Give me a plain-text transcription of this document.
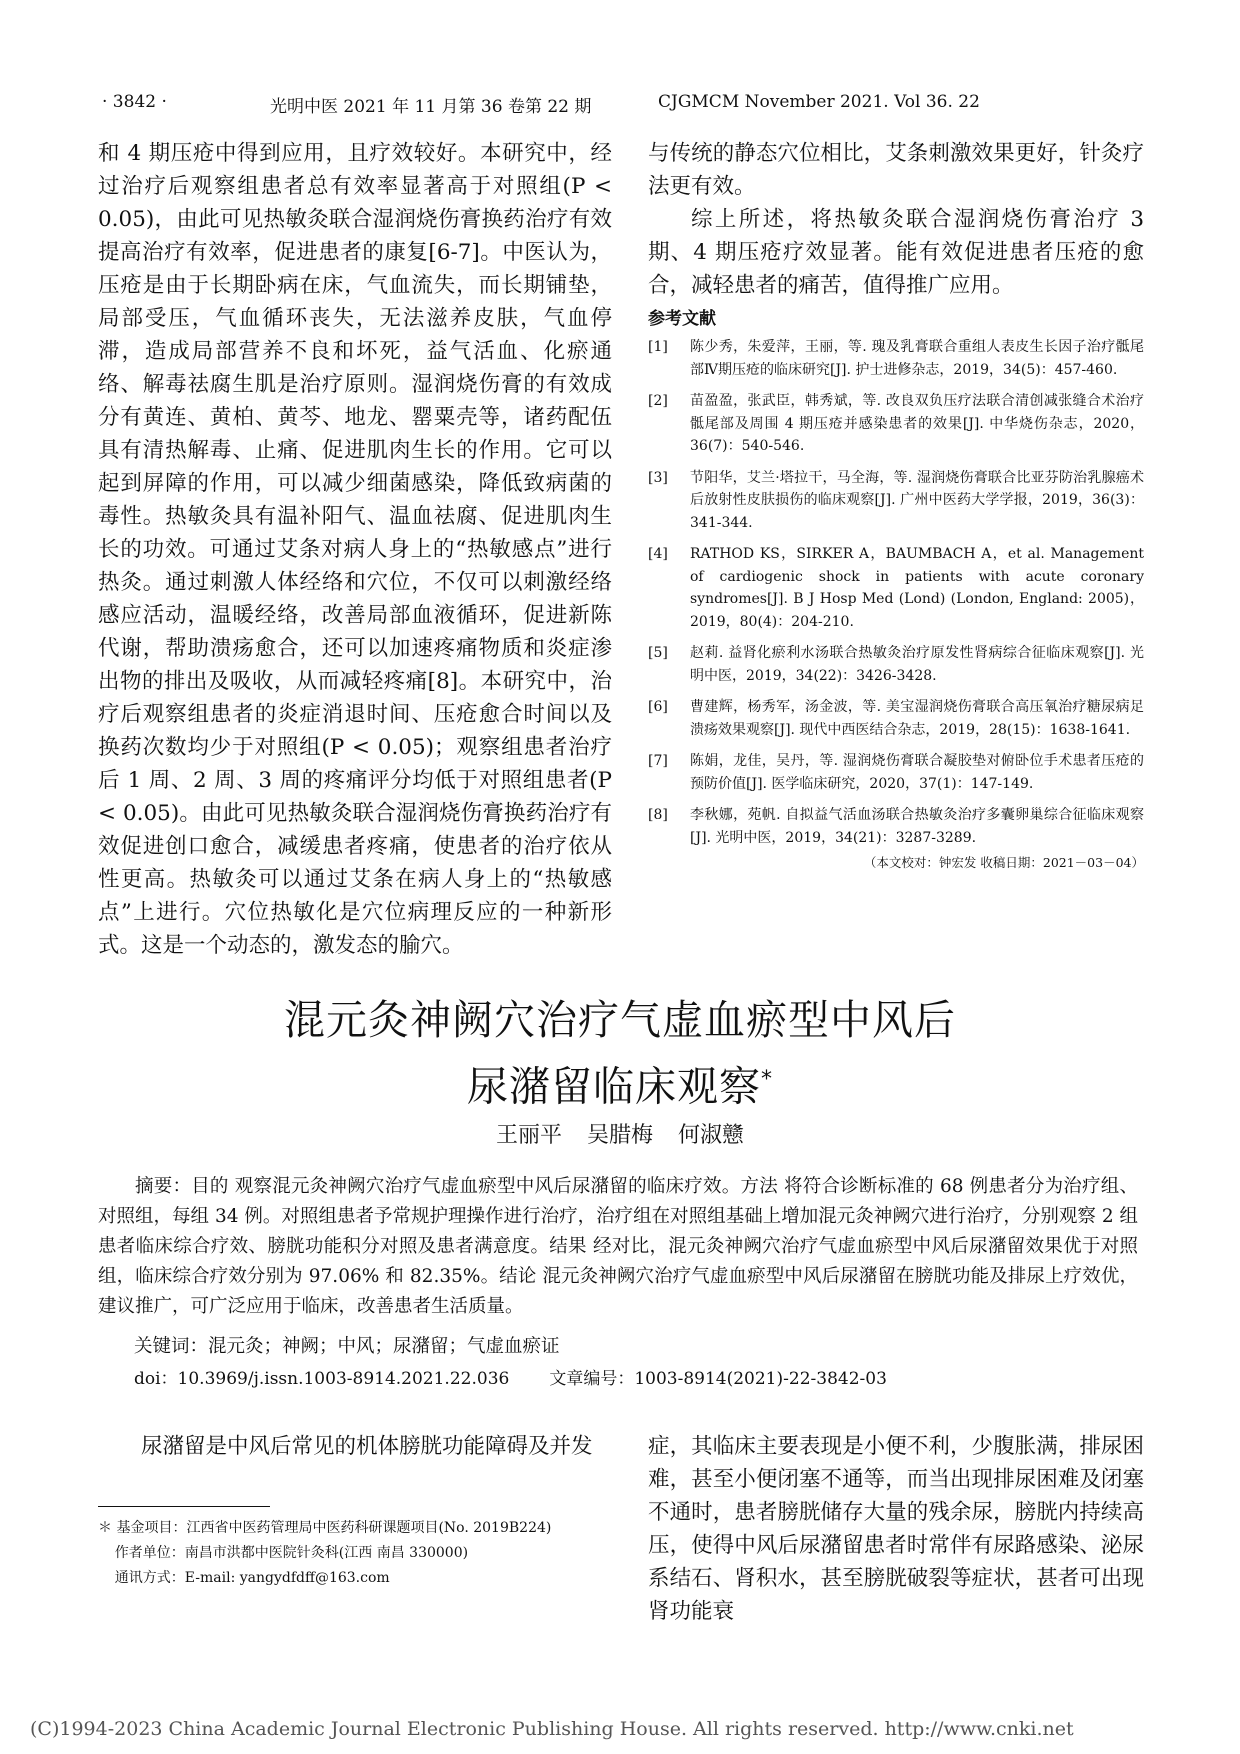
· 3842 ·	光明中医 2021 年 11 月第 36 卷第 22 期	CJGMCM November 2021. Vol 36. 22

和 4 期压疮中得到应用，且疗效较好。本研究中，经过治疗后观察组患者总有效率显著高于对照组(P < 0.05)，由此可见热敏灸联合湿润烧伤膏换药治疗有效提高治疗有效率，促进患者的康复[6-7]。中医认为，压疮是由于长期卧病在床，气血流失，而长期铺垫，局部受压，气血循环丧失，无法滋养皮肤，气血停滞，造成局部营养不良和坏死，益气活血、化瘀通络、解毒祛腐生肌是治疗原则。湿润烧伤膏的有效成分有黄连、黄柏、黄芩、地龙、罂粟壳等，诸药配伍具有清热解毒、止痛、促进肌肉生长的作用。它可以起到屏障的作用，可以减少细菌感染，降低致病菌的毒性。热敏灸具有温补阳气、温血祛腐、促进肌肉生长的功效。可通过艾条对病人身上的“热敏感点”进行热灸。通过刺激人体经络和穴位，不仅可以刺激经络感应活动，温暖经络，改善局部血液循环，促进新陈代谢，帮助溃疡愈合，还可以加速疼痛物质和炎症渗出物的排出及吸收，从而减轻疼痛[8]。本研究中，治疗后观察组患者的炎症消退时间、压疮愈合时间以及换药次数均少于对照组(P < 0.05)；观察组患者治疗后 1 周、2 周、3 周的疼痛评分均低于对照组患者(P < 0.05)。由此可见热敏灸联合湿润烧伤膏换药治疗有效促进创口愈合，减缓患者疼痛，使患者的治疗依从性更高。热敏灸可以通过艾条在病人身上的“热敏感点”上进行。穴位热敏化是穴位病理反应的一种新形式。这是一个动态的，激发态的腧穴。

与传统的静态穴位相比，艾条刺激效果更好，针灸疗法更有效。

综上所述，将热敏灸联合湿润烧伤膏治疗 3 期、4 期压疮疗效显著。能有效促进患者压疮的愈合，减轻患者的痛苦，值得推广应用。

参考文献
[1] 陈少秀，朱爱萍，王丽，等. 瑰及乳膏联合重组人表皮生长因子治疗骶尾部Ⅳ期压疮的临床研究[J]. 护士进修杂志，2019，34(5)：457-460.
[2] 苗盈盈，张武臣，韩秀斌，等. 改良双负压疗法联合清创减张缝合术治疗骶尾部及周围 4 期压疮并感染患者的效果[J]. 中华烧伤杂志，2020，36(7)：540-546.
[3] 节阳华，艾兰·塔拉干，马全海，等. 湿润烧伤膏联合比亚芬防治乳腺癌术后放射性皮肤损伤的临床观察[J]. 广州中医药大学学报，2019，36(3)：341-344.
[4] RATHOD KS，SIRKER A，BAUMBACH A，et al. Management of cardiogenic shock in patients with acute coronary syndromes[J]. B J Hosp Med (Lond) (London, England: 2005)，2019，80(4)：204-210.
[5] 赵莉. 益肾化瘀利水汤联合热敏灸治疗原发性肾病综合征临床观察[J]. 光明中医，2019，34(22)：3426-3428.
[6] 曹建辉，杨秀军，汤金波，等. 美宝湿润烧伤膏联合高压氧治疗糖尿病足溃疡效果观察[J]. 现代中西医结合杂志，2019，28(15)：1638-1641.
[7] 陈娟，龙佳，吴丹，等. 湿润烧伤膏联合凝胶垫对俯卧位手术患者压疮的预防价值[J]. 医学临床研究，2020，37(1)：147-149.
[8] 李秋娜，苑帆. 自拟益气活血汤联合热敏灸治疗多囊卵巢综合征临床观察[J]. 光明中医，2019，34(21)：3287-3289.
（本文校对：钟宏发 收稿日期：2021－03－04）
混元灸神阙穴治疗气虚血瘀型中风后
尿潴留临床观察*
王丽平 吴腊梅 何淑戆
摘要：目的 观察混元灸神阙穴治疗气虚血瘀型中风后尿潴留的临床疗效。方法 将符合诊断标准的 68 例患者分为治疗组、对照组，每组 34 例。对照组患者予常规护理操作进行治疗，治疗组在对照组基础上增加混元灸神阙穴进行治疗，分别观察 2 组患者临床综合疗效、膀胱功能积分对照及患者满意度。结果 经对比，混元灸神阙穴治疗气虚血瘀型中风后尿潴留效果优于对照组，临床综合疗效分别为 97.06% 和 82.35%。结论 混元灸神阙穴治疗气虚血瘀型中风后尿潴留在膀胱功能及排尿上疗效优，建议推广，可广泛应用于临床，改善患者生活质量。
关键词：混元灸；神阙；中风；尿潴留；气虚血瘀证
doi：10.3969/j.issn.1003-8914.2021.22.036 文章编号：1003-8914(2021)-22-3842-03

尿潴留是中风后常见的机体膀胱功能障碍及并发	症，其临床主要表现是小便不利，少腹胀满，排尿困难，甚至小便闭塞不通等，而当出现排尿困难及闭塞不通时，患者膀胱储存大量的残余尿，膀胱内持续高压，使得中风后尿潴留患者时常伴有尿路感染、泌尿系结石、肾积水，甚至膀胱破裂等症状，甚者可出现肾功能衰

＊ 基金项目：江西省中医药管理局中医药科研课题项目(No. 2019B224)

作者单位：南昌市洪都中医院针灸科(江西 南昌 330000)

通讯方式：E-mail: yangydfdff@163.com

(C)1994-2023 China Academic Journal Electronic Publishing House. All rights reserved. http://www.cnki.net
